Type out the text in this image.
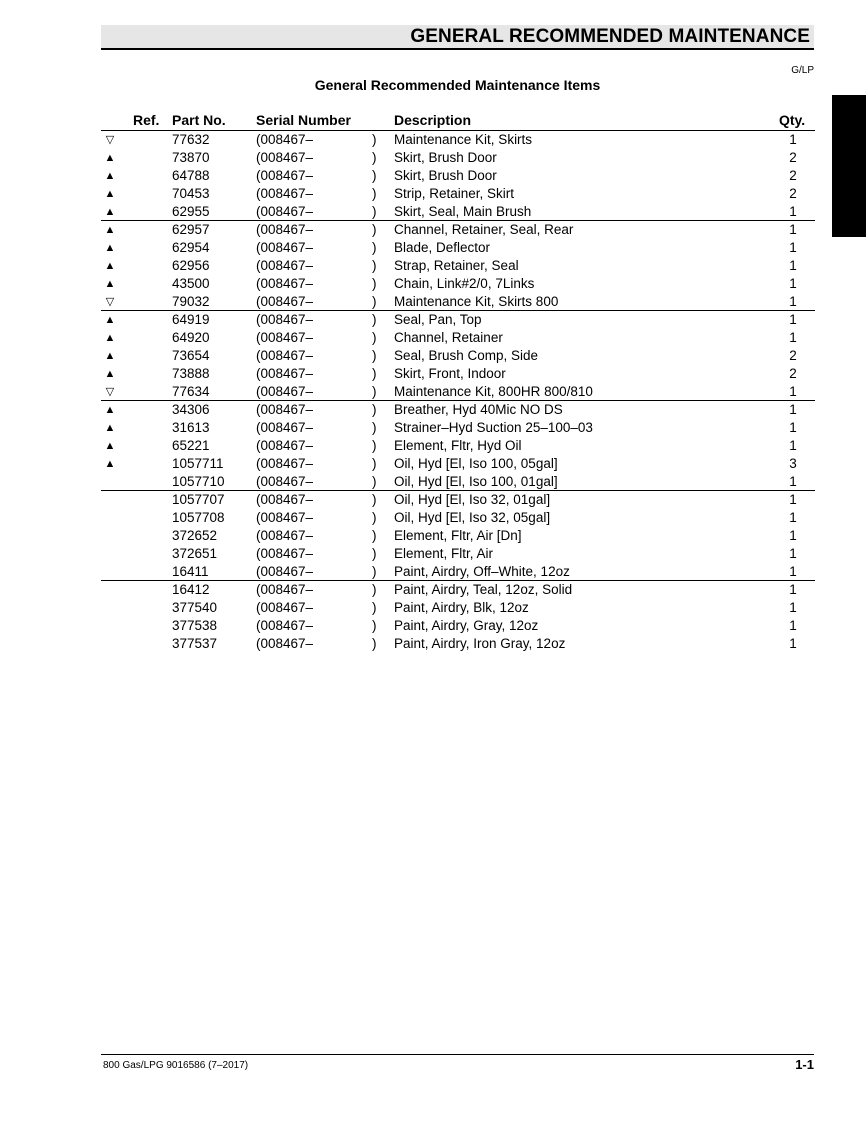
GENERAL RECOMMENDED MAINTENANCE
G/LP
General Recommended Maintenance Items
Ref. Part No. Serial Number	Description	Qty.
▽	77632	(008467–	) Maintenance Kit, Skirts	1
▲	73870	(008467–	) Skirt, Brush Door	2
▲	64788	(008467–	) Skirt, Brush Door	2
▲	70453	(008467–	) Strip, Retainer, Skirt	2
▲	62955	(008467–	) Skirt, Seal, Main Brush	1
▲	62957	(008467–	) Channel, Retainer, Seal, Rear	1
▲	62954	(008467–	) Blade, Deflector	1
▲	62956	(008467–	) Strap, Retainer, Seal	1
▲	43500	(008467–	) Chain, Link#2/0, 7Links	1
▽	79032	(008467–	) Maintenance Kit, Skirts 800	1
▲	64919	(008467–	) Seal, Pan, Top	1
▲	64920	(008467–	) Channel, Retainer	1
▲	73654	(008467–	) Seal, Brush Comp, Side	2
▲	73888	(008467–	) Skirt, Front, Indoor	2
▽	77634	(008467–	) Maintenance Kit, 800HR 800/810	1
▲	34306	(008467–	) Breather, Hyd 40Mic NO DS	1
▲	31613	(008467–	) Strainer–Hyd Suction 25–100–03	1
▲	65221	(008467–	) Element, Fltr, Hyd Oil	1
▲	1057711 (008467–	) Oil, Hyd [El, Iso 100, 05gal]	3
1057710 (008467–	) Oil, Hyd [El, Iso 100, 01gal]	1
1057707 (008467–	) Oil, Hyd [El, Iso 32, 01gal]	1
1057708 (008467–	) Oil, Hyd [El, Iso 32, 05gal]	1
372652	(008467–	) Element, Fltr, Air [Dn]	1
372651	(008467–	) Element, Fltr, Air	1
16411	(008467–	) Paint, Airdry, Off–White, 12oz	1
16412	(008467–	) Paint, Airdry, Teal, 12oz, Solid	1
377540	(008467–	) Paint, Airdry, Blk, 12oz	1
377538	(008467–	) Paint, Airdry, Gray, 12oz	1
377537	(008467–	) Paint, Airdry, Iron Gray, 12oz	1
800 Gas/LPG 9016586 (7–2017)	1-1
